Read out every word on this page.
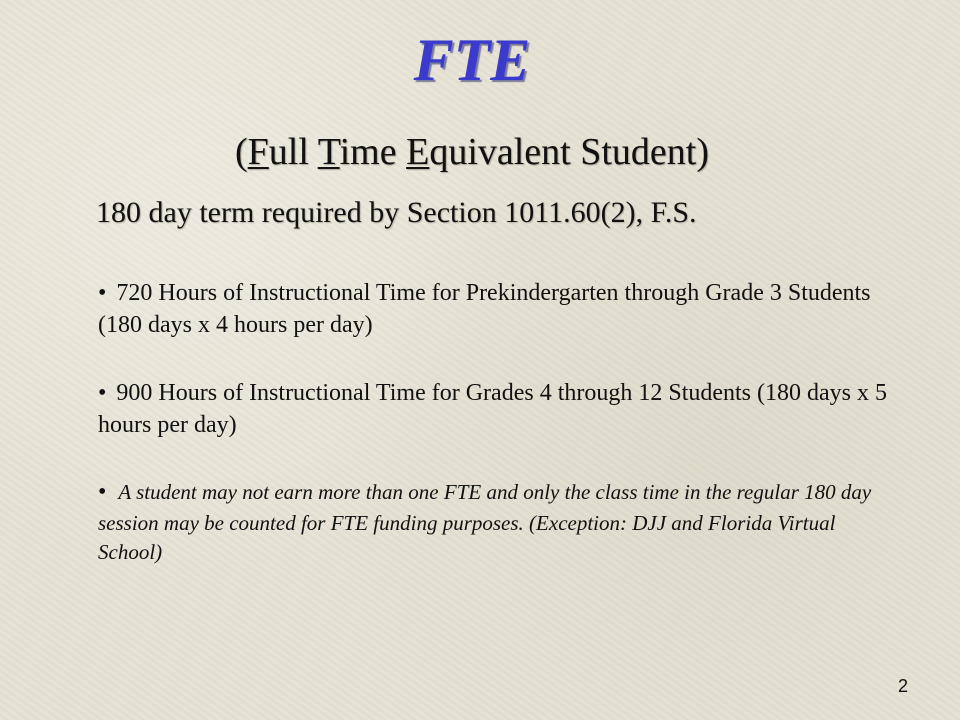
FTE
(Full Time Equivalent Student)

180 day term required by Section 1011.60(2), F.S.

• 720 Hours of Instructional Time for Prekindergarten through Grade 3 Students (180 days x 4 hours per day)

• 900 Hours of Instructional Time for Grades 4 through 12 Students (180 days x 5 hours per day)

• A student may not earn more than one FTE and only the class time in the regular 180 day session may be counted for FTE funding purposes. (Exception: DJJ and Florida Virtual School)

2
